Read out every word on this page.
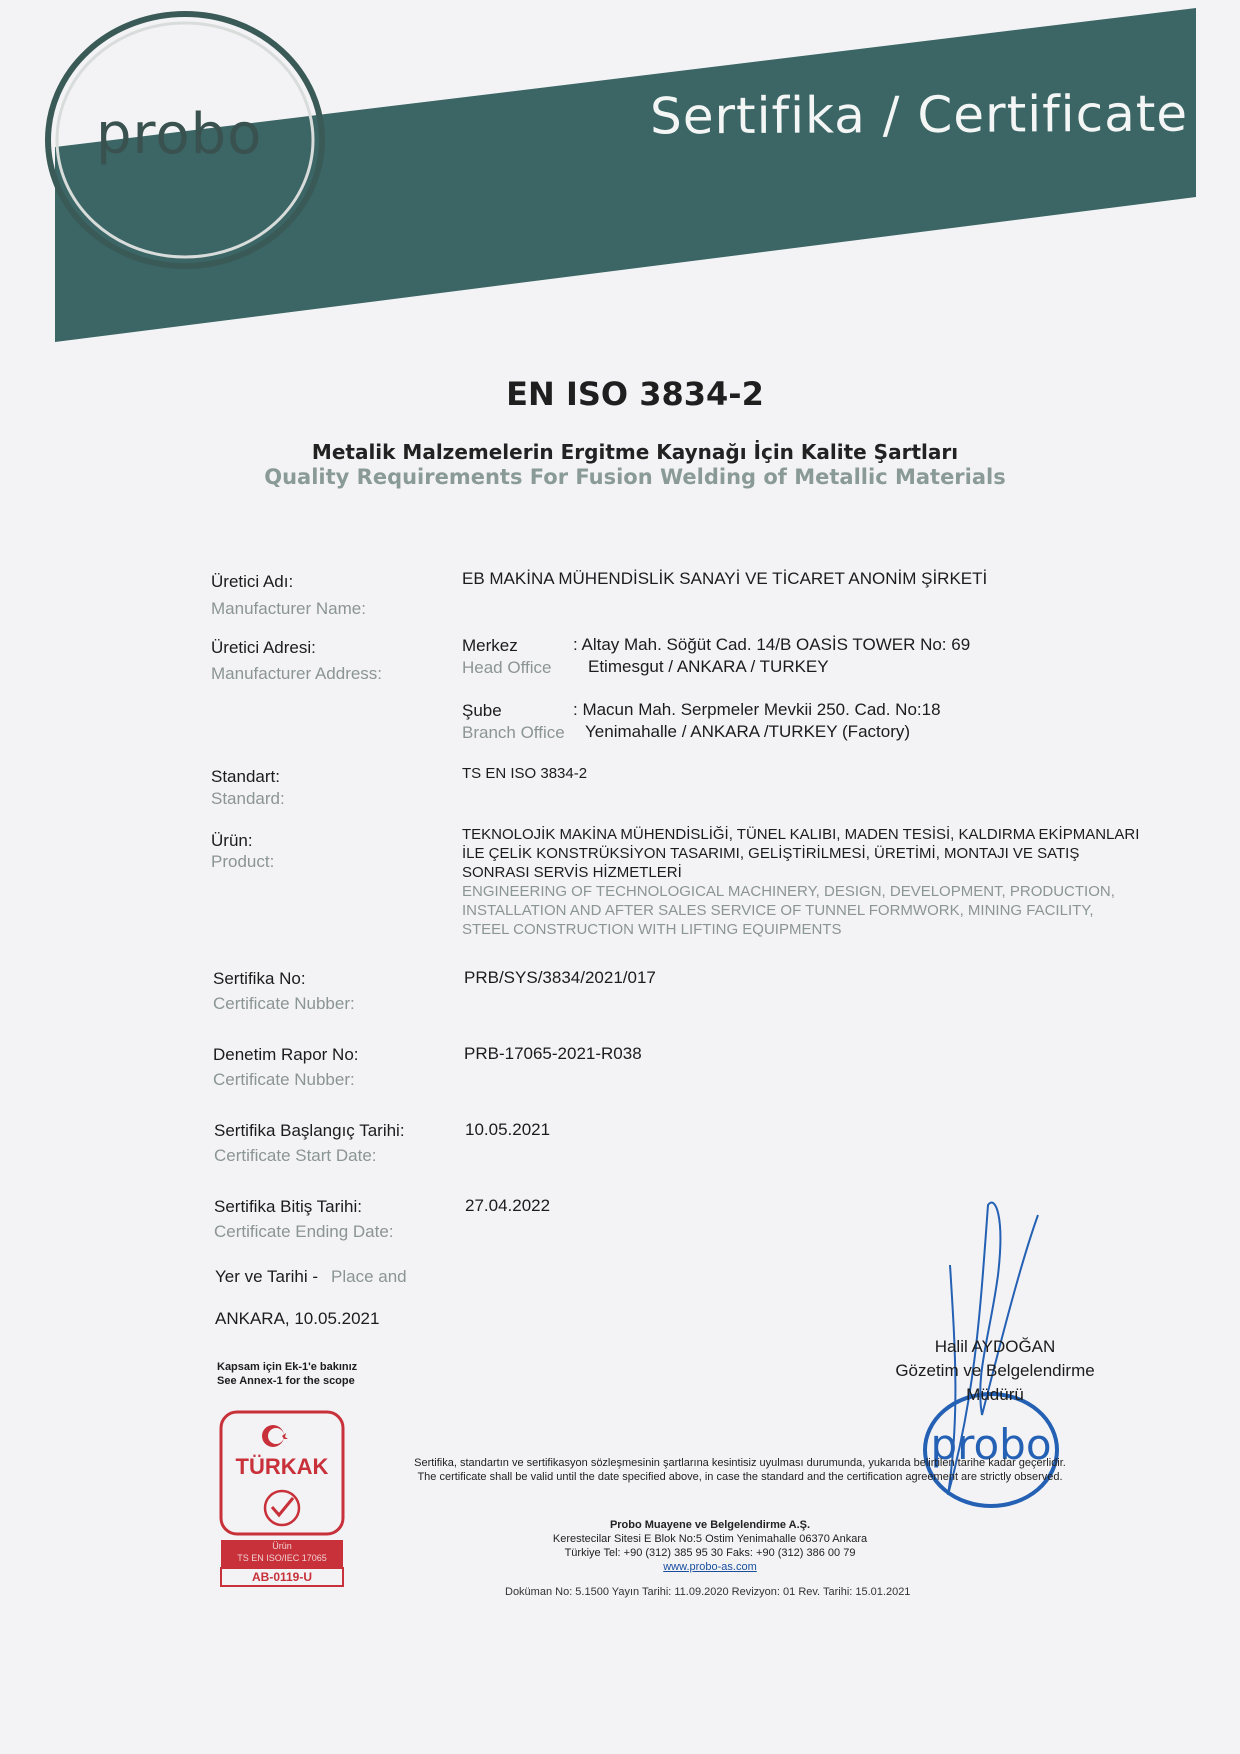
probo	Sertifika / Certificate
EN ISO 3834-2
Metalik Malzemelerin Ergitme Kaynağı İçin Kalite Şartları
Quality Requirements For Fusion Welding of Metallic Materials
Üretici Adı:
Manufacturer Name:
EB MAKİNA MÜHENDİSLİK SANAYİ VE TİCARET ANONİM ŞİRKETİ
Üretici Adresi:
Manufacturer Address:
Merkez
Head Office
: Altay Mah. Söğüt Cad. 14/B OASİS TOWER No: 69
Etimesgut / ANKARA / TURKEY
Şube
Branch Office
: Macun Mah. Serpmeler Mevkii 250. Cad. No:18
Yenimahalle / ANKARA /TURKEY (Factory)
Standart:
Standard:
TS EN ISO 3834-2
Ürün:
Product:
TEKNOLOJİK MAKİNA MÜHENDİSLİĞİ, TÜNEL KALIBI, MADEN TESİSİ, KALDIRMA EKİPMANLARI
İLE ÇELİK KONSTRÜKSİYON TASARIMI, GELİŞTİRİLMESİ, ÜRETİMİ, MONTAJI VE SATIŞ
SONRASI SERVİS HİZMETLERİ
ENGINEERING OF TECHNOLOGICAL MACHINERY, DESIGN, DEVELOPMENT, PRODUCTION,
INSTALLATION AND AFTER SALES SERVICE OF TUNNEL FORMWORK, MINING FACILITY,
STEEL CONSTRUCTION WITH LIFTING EQUIPMENTS
Sertifika No:
Certificate Nubber:
PRB/SYS/3834/2021/017
Denetim Rapor No:
Certificate Nubber:
PRB-17065-2021-R038
Sertifika Başlangıç Tarihi:
Certificate Start Date:
10.05.2021
Sertifika Bitiş Tarihi:
Certificate Ending Date:
27.04.2022
Yer ve Tarihi - Place and
ANKARA, 10.05.2021
Kapsam için Ek-1'e bakınız
See Annex-1 for the scope
TÜRKAK
Ürün
TS EN ISO/IEC 17065
AB-0119-U
probo
Halil AYDOĞAN
Gözetim ve Belgelendirme
Müdürü
Sertifika, standartın ve sertifikasyon sözleşmesinin şartlarına kesintisiz uyulması durumunda, yukarıda belirtilen tarihe kadar geçerlidir.
The certificate shall be valid until the date specified above, in case the standard and the certification agreement are strictly observed.
Probo Muayene ve Belgelendirme A.Ş.
Kerestecilar Sitesi E Blok No:5 Ostim Yenimahalle 06370 Ankara
Türkiye Tel: +90 (312) 385 95 30 Faks: +90 (312) 386 00 79
www.probo-as.com
Doküman No: 5.1500 Yayın Tarihi: 11.09.2020 Revizyon: 01 Rev. Tarihi: 15.01.2021
